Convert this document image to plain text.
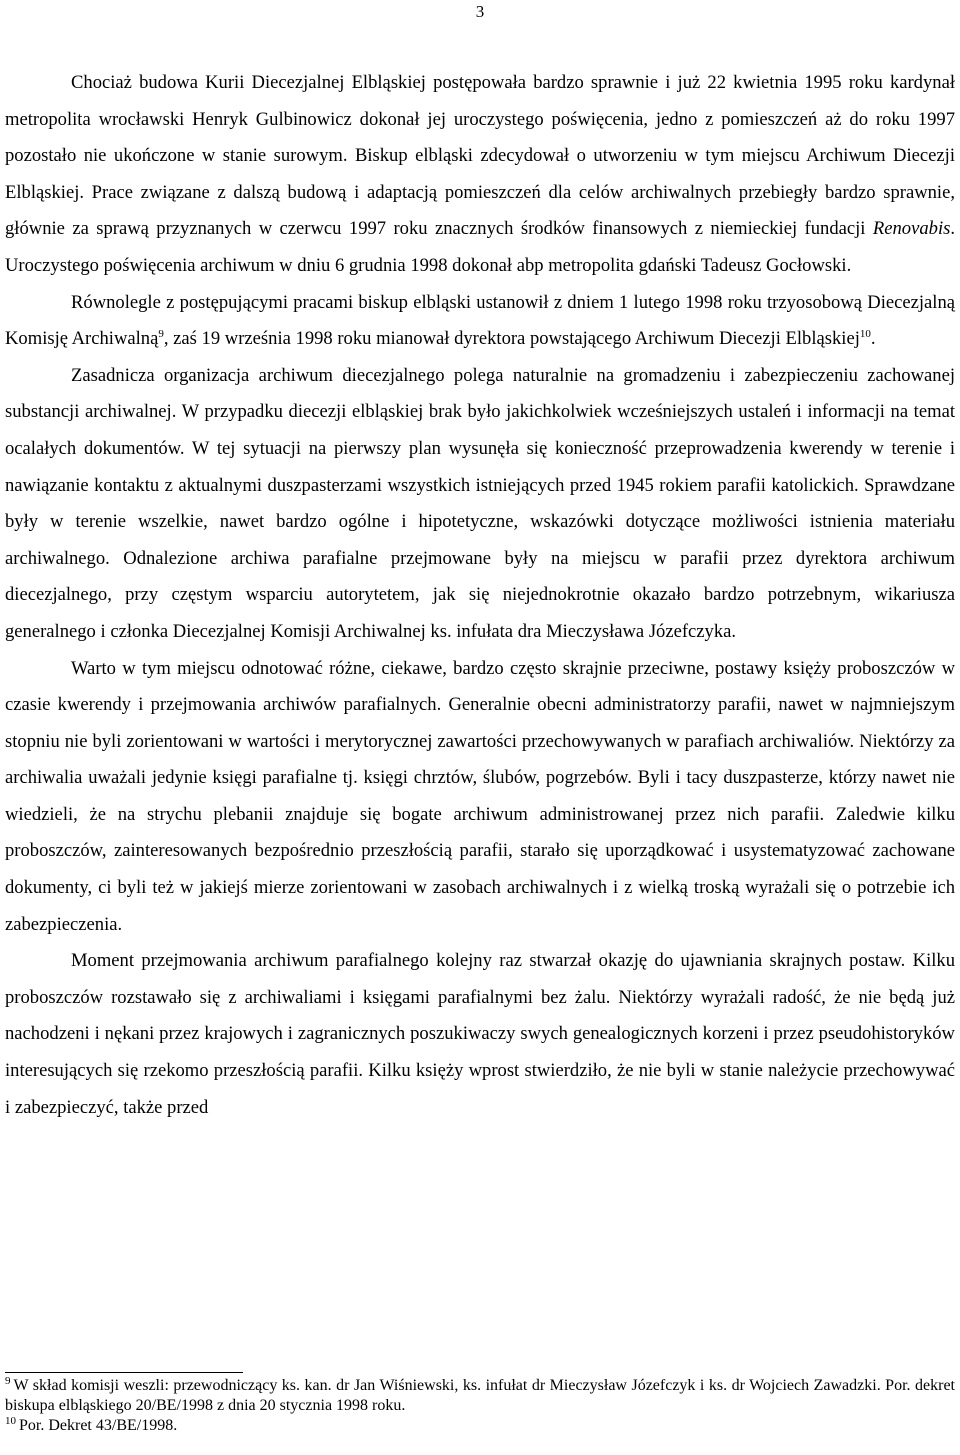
3

Chociaż budowa Kurii Diecezjalnej Elbląskiej postępowała bardzo sprawnie i już 22 kwietnia 1995 roku kardynał metropolita wrocławski Henryk Gulbinowicz dokonał jej uroczystego poświęcenia, jedno z pomieszczeń aż do roku 1997 pozostało nie ukończone w stanie surowym. Biskup elbląski zdecydował o utworzeniu w tym miejscu Archiwum Diecezji Elbląskiej. Prace związane z dalszą budową i adaptacją pomieszczeń dla celów archiwalnych przebiegły bardzo sprawnie, głównie za sprawą przyznanych w czerwcu 1997 roku znacznych środków finansowych z niemieckiej fundacji Renovabis. Uroczystego poświęcenia archiwum w dniu 6 grudnia 1998 dokonał abp metropolita gdański Tadeusz Gocłowski.

Równolegle z postępującymi pracami biskup elbląski ustanowił z dniem 1 lutego 1998 roku trzyosobową Diecezjalną Komisję Archiwalną$^9$, zaś 19 września 1998 roku mianował dyrektora powstającego Archiwum Diecezji Elbląskiej$^{10}$.

Zasadnicza organizacja archiwum diecezjalnego polega naturalnie na gromadzeniu i zabezpieczeniu zachowanej substancji archiwalnej. W przypadku diecezji elbląskiej brak było jakichkolwiek wcześniejszych ustaleń i informacji na temat ocalałych dokumentów. W tej sytuacji na pierwszy plan wysunęła się konieczność przeprowadzenia kwerendy w terenie i nawiązanie kontaktu z aktualnymi duszpasterzami wszystkich istniejących przed 1945 rokiem parafii katolickich. Sprawdzane były w terenie wszelkie, nawet bardzo ogólne i hipotetyczne, wskazówki dotyczące możliwości istnienia materiału archiwalnego. Odnalezione archiwa parafialne przejmowane były na miejscu w parafii przez dyrektora archiwum diecezjalnego, przy częstym wsparciu autorytetem, jak się niejednokrotnie okazało bardzo potrzebnym, wikariusza generalnego i członka Diecezjalnej Komisji Archiwalnej ks. infułata dra Mieczysława Józefczyka.

Warto w tym miejscu odnotować różne, ciekawe, bardzo często skrajnie przeciwne, postawy księży proboszczów w czasie kwerendy i przejmowania archiwów parafialnych. Generalnie obecni administratorzy parafii, nawet w najmniejszym stopniu nie byli zorientowani w wartości i merytorycznej zawartości przechowywanych w parafiach archiwaliów. Niektórzy za archiwalia uważali jedynie księgi parafialne tj. księgi chrztów, ślubów, pogrzebów. Byli i tacy duszpasterze, którzy nawet nie wiedzieli, że na strychu plebanii znajduje się bogate archiwum administrowanej przez nich parafii. Zaledwie kilku proboszczów, zainteresowanych bezpośrednio przeszłością parafii, starało się uporządkować i usystematyzować zachowane dokumenty, ci byli też w jakiejś mierze zorientowani w zasobach archiwalnych i z wielką troską wyrażali się o potrzebie ich zabezpieczenia.

Moment przejmowania archiwum parafialnego kolejny raz stwarzał okazję do ujawniania skrajnych postaw. Kilku proboszczów rozstawało się z archiwaliami i księgami parafialnymi bez żalu. Niektórzy wyrażali radość, że nie będą już nachodzeni i nękani przez krajowych i zagranicznych poszukiwaczy swych genealogicznych korzeni i przez pseudohistoryków interesujących się rzekomo przeszłością parafii. Kilku księży wprost stwierdziło, że nie byli w stanie należycie przechowywać i zabezpieczyć, także przed

$^9$ W skład komisji weszli: przewodniczący ks. kan. dr Jan Wiśniewski, ks. infułat dr Mieczysław Józefczyk i ks. dr Wojciech Zawadzki. Por. dekret biskupa elbląskiego 20/BE/1998 z dnia 20 stycznia 1998 roku.

$^{10}$ Por. Dekret 43/BE/1998.
